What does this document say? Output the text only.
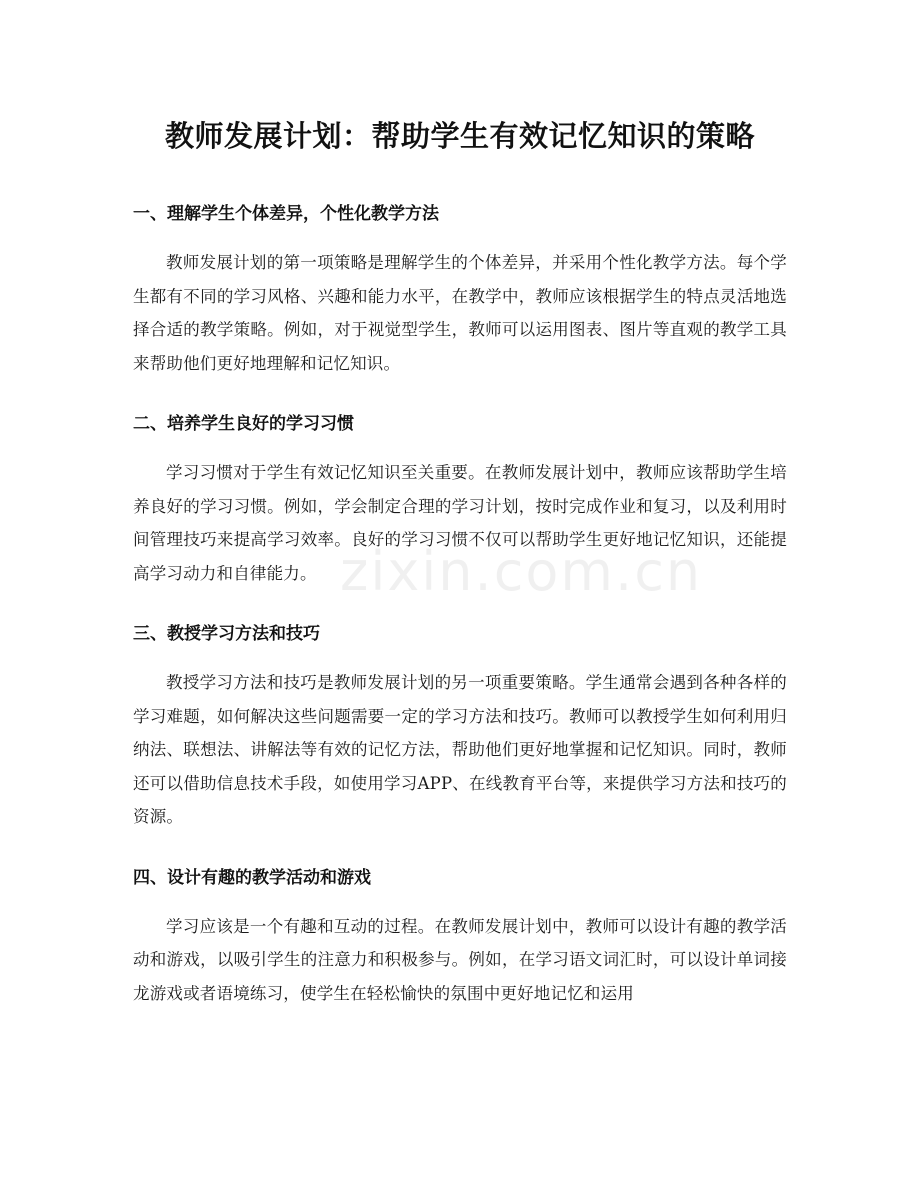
教师发展计划：帮助学生有效记忆知识的策略
一、理解学生个体差异，个性化教学方法

教师发展计划的第一项策略是理解学生的个体差异，并采用个性化教学方法。每个学生都有不同的学习风格、兴趣和能力水平，在教学中，教师应该根据学生的特点灵活地选择合适的教学策略。例如，对于视觉型学生，教师可以运用图表、图片等直观的教学工具来帮助他们更好地理解和记忆知识。

二、培养学生良好的学习习惯

学习习惯对于学生有效记忆知识至关重要。在教师发展计划中，教师应该帮助学生培养良好的学习习惯。例如，学会制定合理的学习计划，按时完成作业和复习，以及利用时间管理技巧来提高学习效率。良好的学习习惯不仅可以帮助学生更好地记忆知识，还能提高学习动力和自律能力。

三、教授学习方法和技巧

教授学习方法和技巧是教师发展计划的另一项重要策略。学生通常会遇到各种各样的学习难题，如何解决这些问题需要一定的学习方法和技巧。教师可以教授学生如何利用归纳法、联想法、讲解法等有效的记忆方法，帮助他们更好地掌握和记忆知识。同时，教师还可以借助信息技术手段，如使用学习APP、在线教育平台等，来提供学习方法和技巧的资源。

四、设计有趣的教学活动和游戏

学习应该是一个有趣和互动的过程。在教师发展计划中，教师可以设计有趣的教学活动和游戏，以吸引学生的注意力和积极参与。例如，在学习语文词汇时，可以设计单词接龙游戏或者语境练习，使学生在轻松愉快的氛围中更好地记忆和运用

zixin.com.cn
